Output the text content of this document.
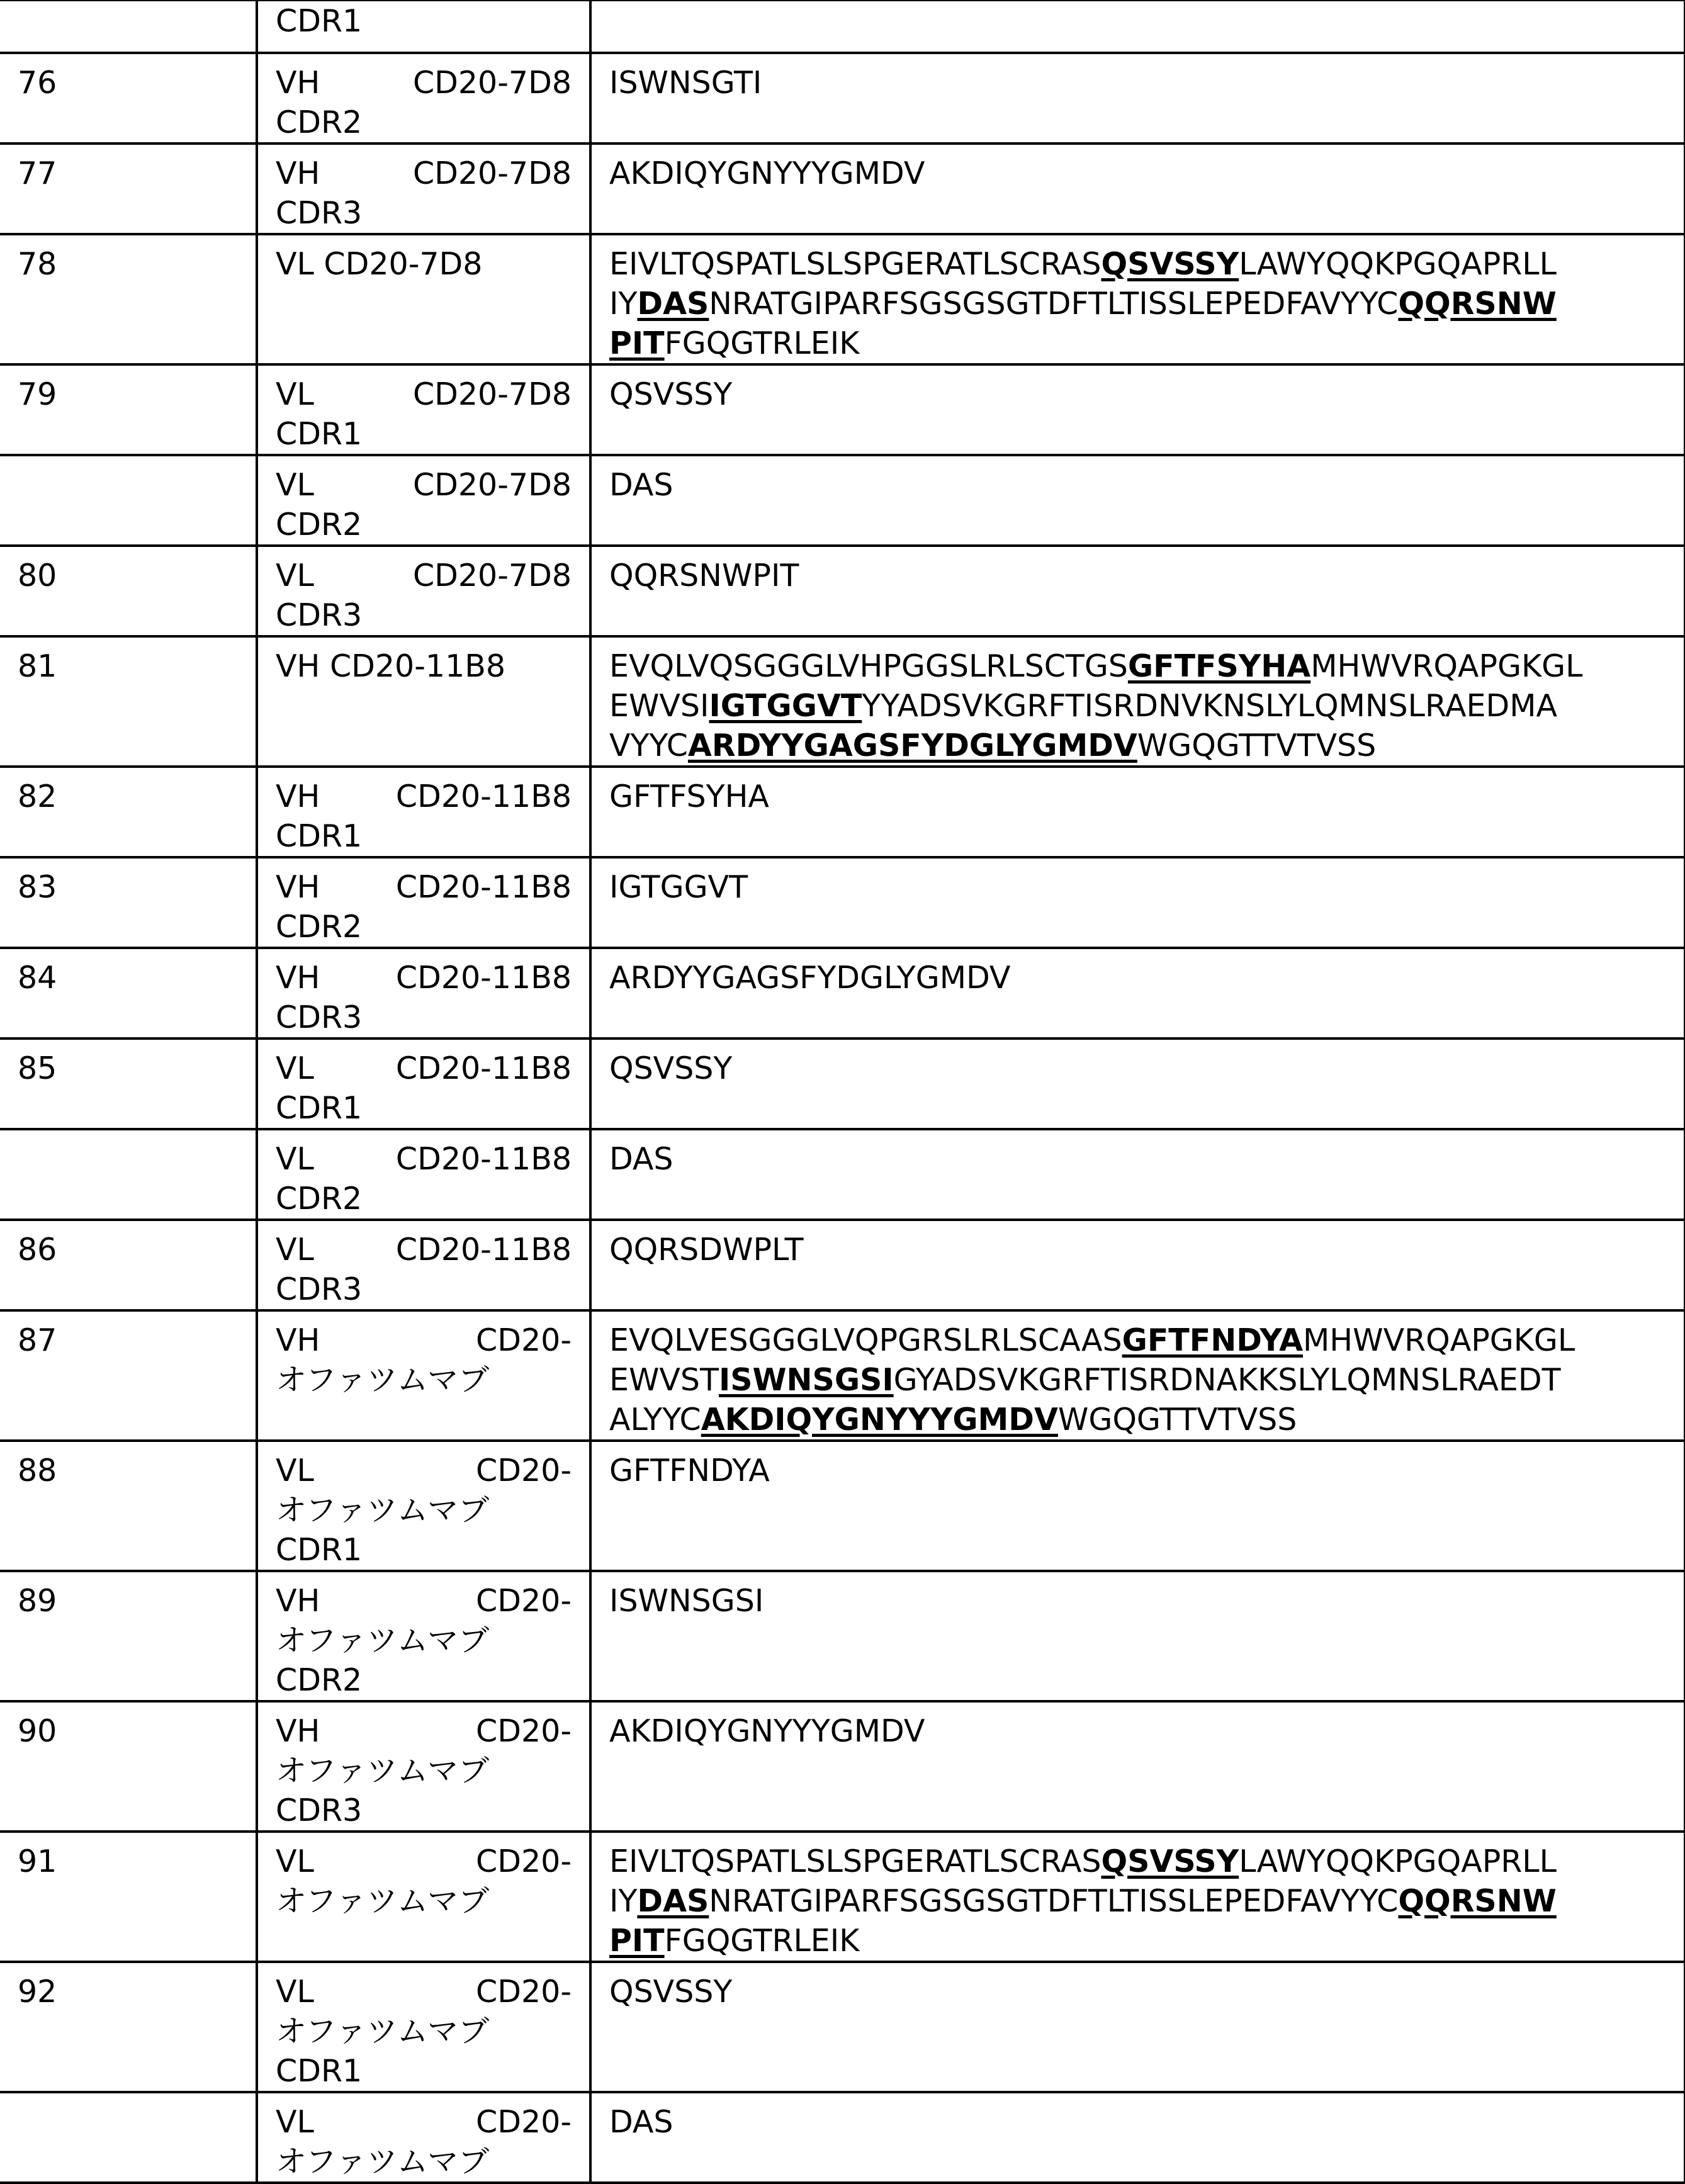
CDR1

76	VH CD20-7D8
CDR2

ISWNSGTI

77	VH CD20-7D8
CDR3

AKDIQYGNYYYGMDV

78	VL CD20-7D8	EIVLTQSPATLSLSPGERATLSCRASQSVSSYLAWYQQKPGQAPRLL
IYDASNRATGIPARFSGSGSGTDFTLTISSLEPEDFAVYYCQQRSNW
PITFGQGTRLEIK

79	VL CD20-7D8
CDR1

QSVSSY

VL CD20-7D8
CDR2

DAS

80	VL CD20-7D8
CDR3

QQRSNWPIT

81	VH CD20-11B8	EVQLVQSGGGLVHPGGSLRLSCTGSGFTFSYHAMHWVRQAPGKGL
EWVSIIGTGGVTYYADSVKGRFTISRDNVKNSLYLQMNSLRAEDMA
VYYCARDYYGAGSFYDGLYGMDVWGQGTTVTVSS

82	VH CD20-11B8
CDR1

GFTFSYHA

83	VH CD20-11B8
CDR2

IGTGGVT

84	VH CD20-11B8
CDR3

ARDYYGAGSFYDGLYGMDV

85	VL CD20-11B8
CDR1

QSVSSY

VL CD20-11B8
CDR2

DAS

86	VL CD20-11B8
CDR3

QQRSDWPLT

87	VH CD20-
オファツムマブ

EVQLVESGGGLVQPGRSLRLSCAASGFTFNDYAMHWVRQAPGKGL
EWVSTISWNSGSIGYADSVKGRFTISRDNAKKSLYLQMNSLRAEDT
ALYYCAKDIQYGNYYYGMDVWGQGTTVTVSS

88	VL CD20-
オファツムマブ
CDR1

GFTFNDYA

89	VH CD20-
オファツムマブ
CDR2

ISWNSGSI

90	VH CD20-
オファツムマブ
CDR3

AKDIQYGNYYYGMDV

91	VL CD20-
オファツムマブ

EIVLTQSPATLSLSPGERATLSCRASQSVSSYLAWYQQKPGQAPRLL
IYDASNRATGIPARFSGSGSGTDFTLTISSLEPEDFAVYYCQQRSNW
PITFGQGTRLEIK

92	VL CD20-
オファツムマブ
CDR1

QSVSSY

VL CD20-
オファツムマブ

DAS
